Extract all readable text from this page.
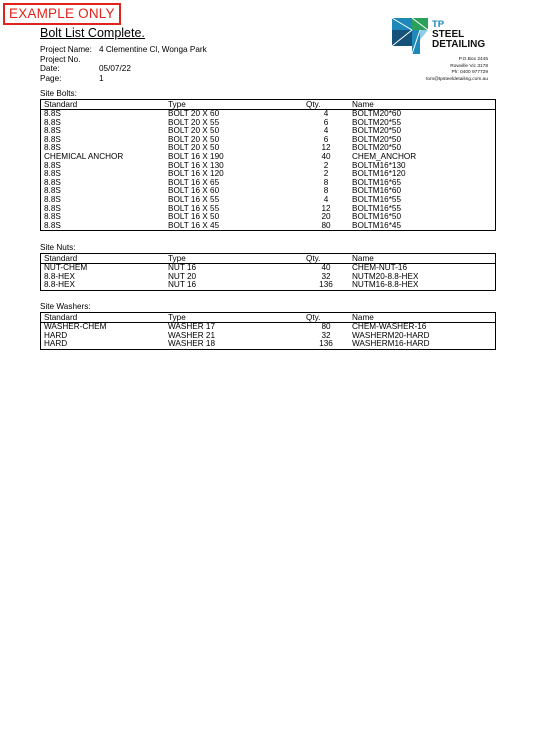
EXAMPLE ONLY
Bolt List Complete.
Project Name: 4 Clementine Cl, Wonga Park
Project No.
Date:	05/07/22
Page:	1
TP
STEEL
DETAILING
P.O.Box 2445
Rowville Vic 3178
Ph: 0400 977729
tom@tpsteeldetailing.com.au
Site Bolts:
Standard	Type	Qty.	Name
8.8S	BOLT 20 X 60	4	BOLTM20*60
8.8S	BOLT 20 X 55	6	BOLTM20*55
8.8S	BOLT 20 X 50	4	BOLTM20*50
8.8S	BOLT 20 X 50	6	BOLTM20*50
8.8S	BOLT 20 X 50	12	BOLTM20*50
CHEMICAL ANCHOR	BOLT 16 X 190	40	CHEM_ANCHOR
8.8S	BOLT 16 X 130	2	BOLTM16*130
8.8S	BOLT 16 X 120	2	BOLTM16*120
8.8S	BOLT 16 X 65	8	BOLTM16*65
8.8S	BOLT 16 X 60	8	BOLTM16*60
8.8S	BOLT 16 X 55	4	BOLTM16*55
8.8S	BOLT 16 X 55	12	BOLTM16*55
8.8S	BOLT 16 X 50	20	BOLTM16*50
8.8S	BOLT 16 X 45	80	BOLTM16*45
Site Nuts:
Standard	Type	Qty.	Name
NUT-CHEM	NUT 16	40	CHEM-NUT-16
8.8-HEX	NUT 20	32	NUTM20-8.8-HEX
8.8-HEX	NUT 16	136	NUTM16-8.8-HEX
Site Washers:
Standard	Type	Qty.	Name
WASHER-CHEM	WASHER 17	80	CHEM-WASHER-16
HARD	WASHER 21	32	WASHERM20-HARD
HARD	WASHER 18	136	WASHERM16-HARD
